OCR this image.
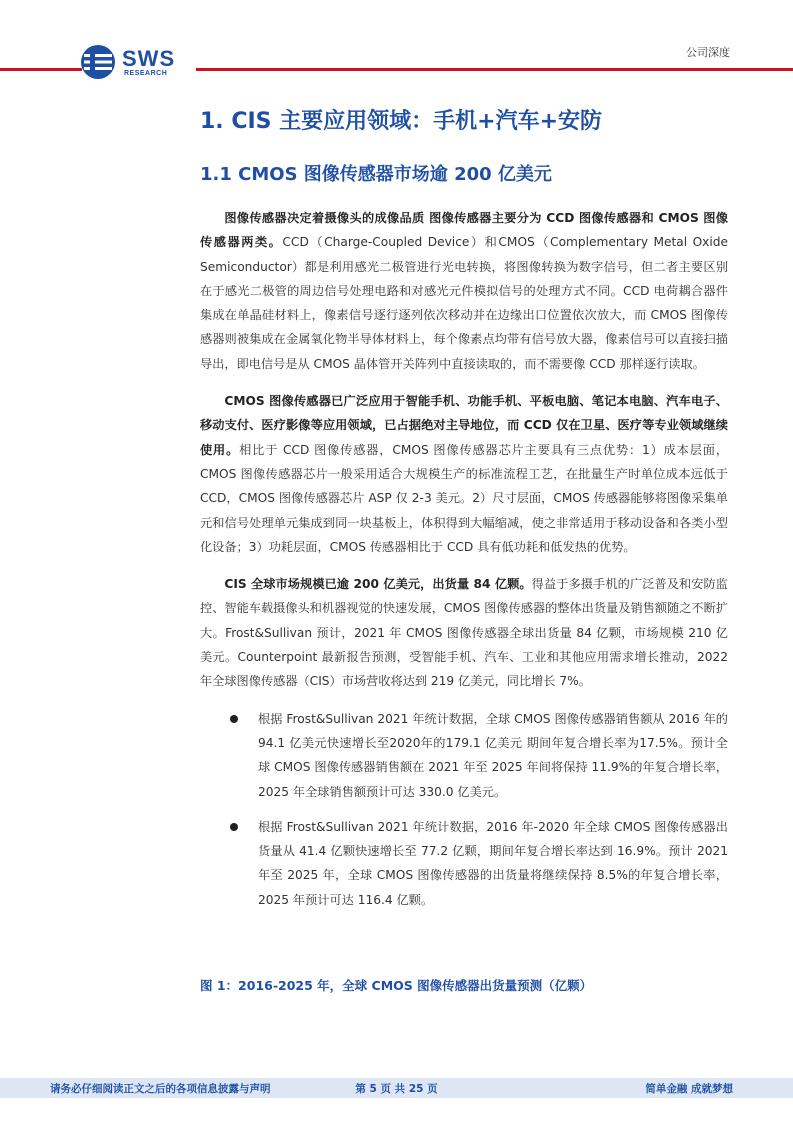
SWS
RESEARCH
公司深度
1. CIS 主要应用领域：手机+汽车+安防
1.1 CMOS 图像传感器市场逾 200 亿美元

图像传感器决定着摄像头的成像品质 图像传感器主要分为 CCD 图像传感器和 CMOS 图像传感器两类。CCD（Charge-Coupled Device）和CMOS（Complementary Metal Oxide Semiconductor）都是利用感光二极管进行光电转换，将图像转换为数字信号，但二者主要区别在于感光二极管的周边信号处理电路和对感光元件模拟信号的处理方式不同。CCD 电荷耦合器件集成在单晶硅材料上，像素信号逐行逐列依次移动并在边缘出口位置依次放大，而 CMOS 图像传感器则被集成在金属氧化物半导体材料上，每个像素点均带有信号放大器，像素信号可以直接扫描导出，即电信号是从 CMOS 晶体管开关阵列中直接读取的，而不需要像 CCD 那样逐行读取。

CMOS 图像传感器已广泛应用于智能手机、功能手机、平板电脑、笔记本电脑、汽车电子、移动支付、医疗影像等应用领域，已占据绝对主导地位，而 CCD 仅在卫星、医疗等专业领域继续使用。相比于 CCD 图像传感器，CMOS 图像传感器芯片主要具有三点优势：1）成本层面，CMOS 图像传感器芯片一般采用适合大规模生产的标准流程工艺，在批量生产时单位成本远低于 CCD，CMOS 图像传感器芯片 ASP 仅 2-3 美元。2）尺寸层面，CMOS 传感器能够将图像采集单元和信号处理单元集成到同一块基板上，体积得到大幅缩减，使之非常适用于移动设备和各类小型化设备；3）功耗层面，CMOS 传感器相比于 CCD 具有低功耗和低发热的优势。

CIS 全球市场规模已逾 200 亿美元，出货量 84 亿颗。得益于多摄手机的广泛普及和安防监控、智能车载摄像头和机器视觉的快速发展，CMOS 图像传感器的整体出货量及销售额随之不断扩大。Frost&Sullivan 预计，2021 年 CMOS 图像传感器全球出货量 84 亿颗，市场规模 210 亿美元。Counterpoint 最新报告预测，受智能手机、汽车、工业和其他应用需求增长推动，2022 年全球图像传感器（CIS）市场营收将达到 219 亿美元，同比增长 7%。

根据 Frost&Sullivan 2021 年统计数据，全球 CMOS 图像传感器销售额从 2016 年的94.1 亿美元快速增长至2020年的179.1 亿美元 期间年复合增长率为17.5%。预计全球 CMOS 图像传感器销售额在 2021 年至 2025 年间将保持 11.9%的年复合增长率，2025 年全球销售额预计可达 330.0 亿美元。
根据 Frost&Sullivan 2021 年统计数据，2016 年-2020 年全球 CMOS 图像传感器出货量从 41.4 亿颗快速增长至 77.2 亿颗，期间年复合增长率达到 16.9%。预计 2021 年至 2025 年，全球 CMOS 图像传感器的出货量将继续保持 8.5%的年复合增长率，2025 年预计可达 116.4 亿颗。
图 1：2016-2025 年，全球 CMOS 图像传感器出货量预测（亿颗）
请务必仔细阅读正文之后的各项信息披露与声明	第 5 页 共 25 页	简单金融 成就梦想
